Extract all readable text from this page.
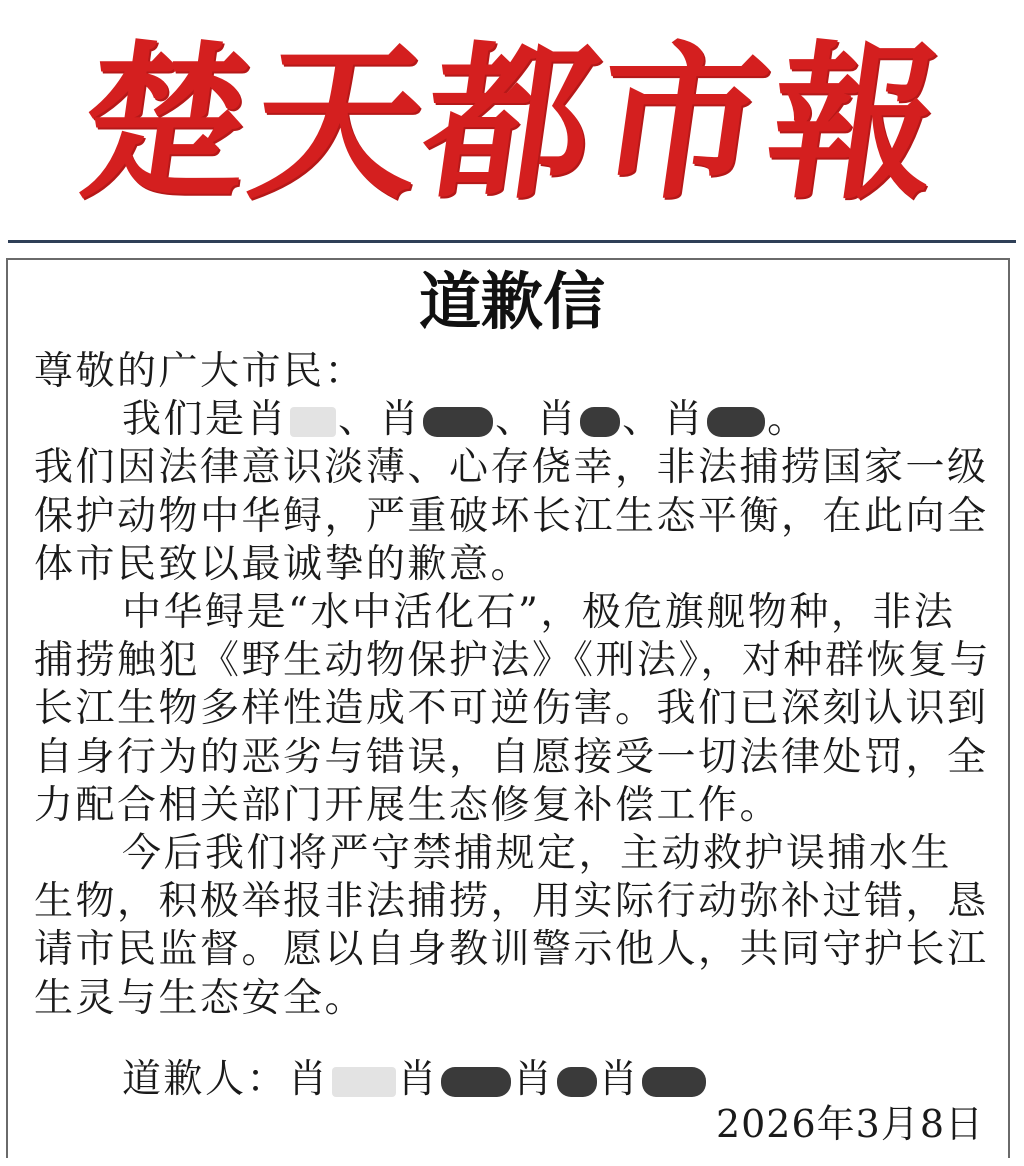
楚天都市報
道歉信

尊敬的广大市民：

我们是肖 、肖 、肖 、肖 。

我们因法律意识淡薄、心存侥幸，非法捕捞国家一级保护动物中华鲟，严重破坏长江生态平衡，在此向全体市民致以最诚挚的歉意。

中华鲟是“水中活化石”，极危旗舰物种，非法捕捞触犯《野生动物保护法》《刑法》，对种群恢复与长江生物多样性造成不可逆伤害。我们已深刻认识到自身行为的恶劣与错误，自愿接受一切法律处罚，全力配合相关部门开展生态修复补偿工作。

今后我们将严守禁捕规定，主动救护误捕水生生物，积极举报非法捕捞，用实际行动弥补过错，恳请市民监督。愿以自身教训警示他人，共同守护长江生灵与生态安全。

道歉人：肖 肖 肖 肖
2026年3月8日
